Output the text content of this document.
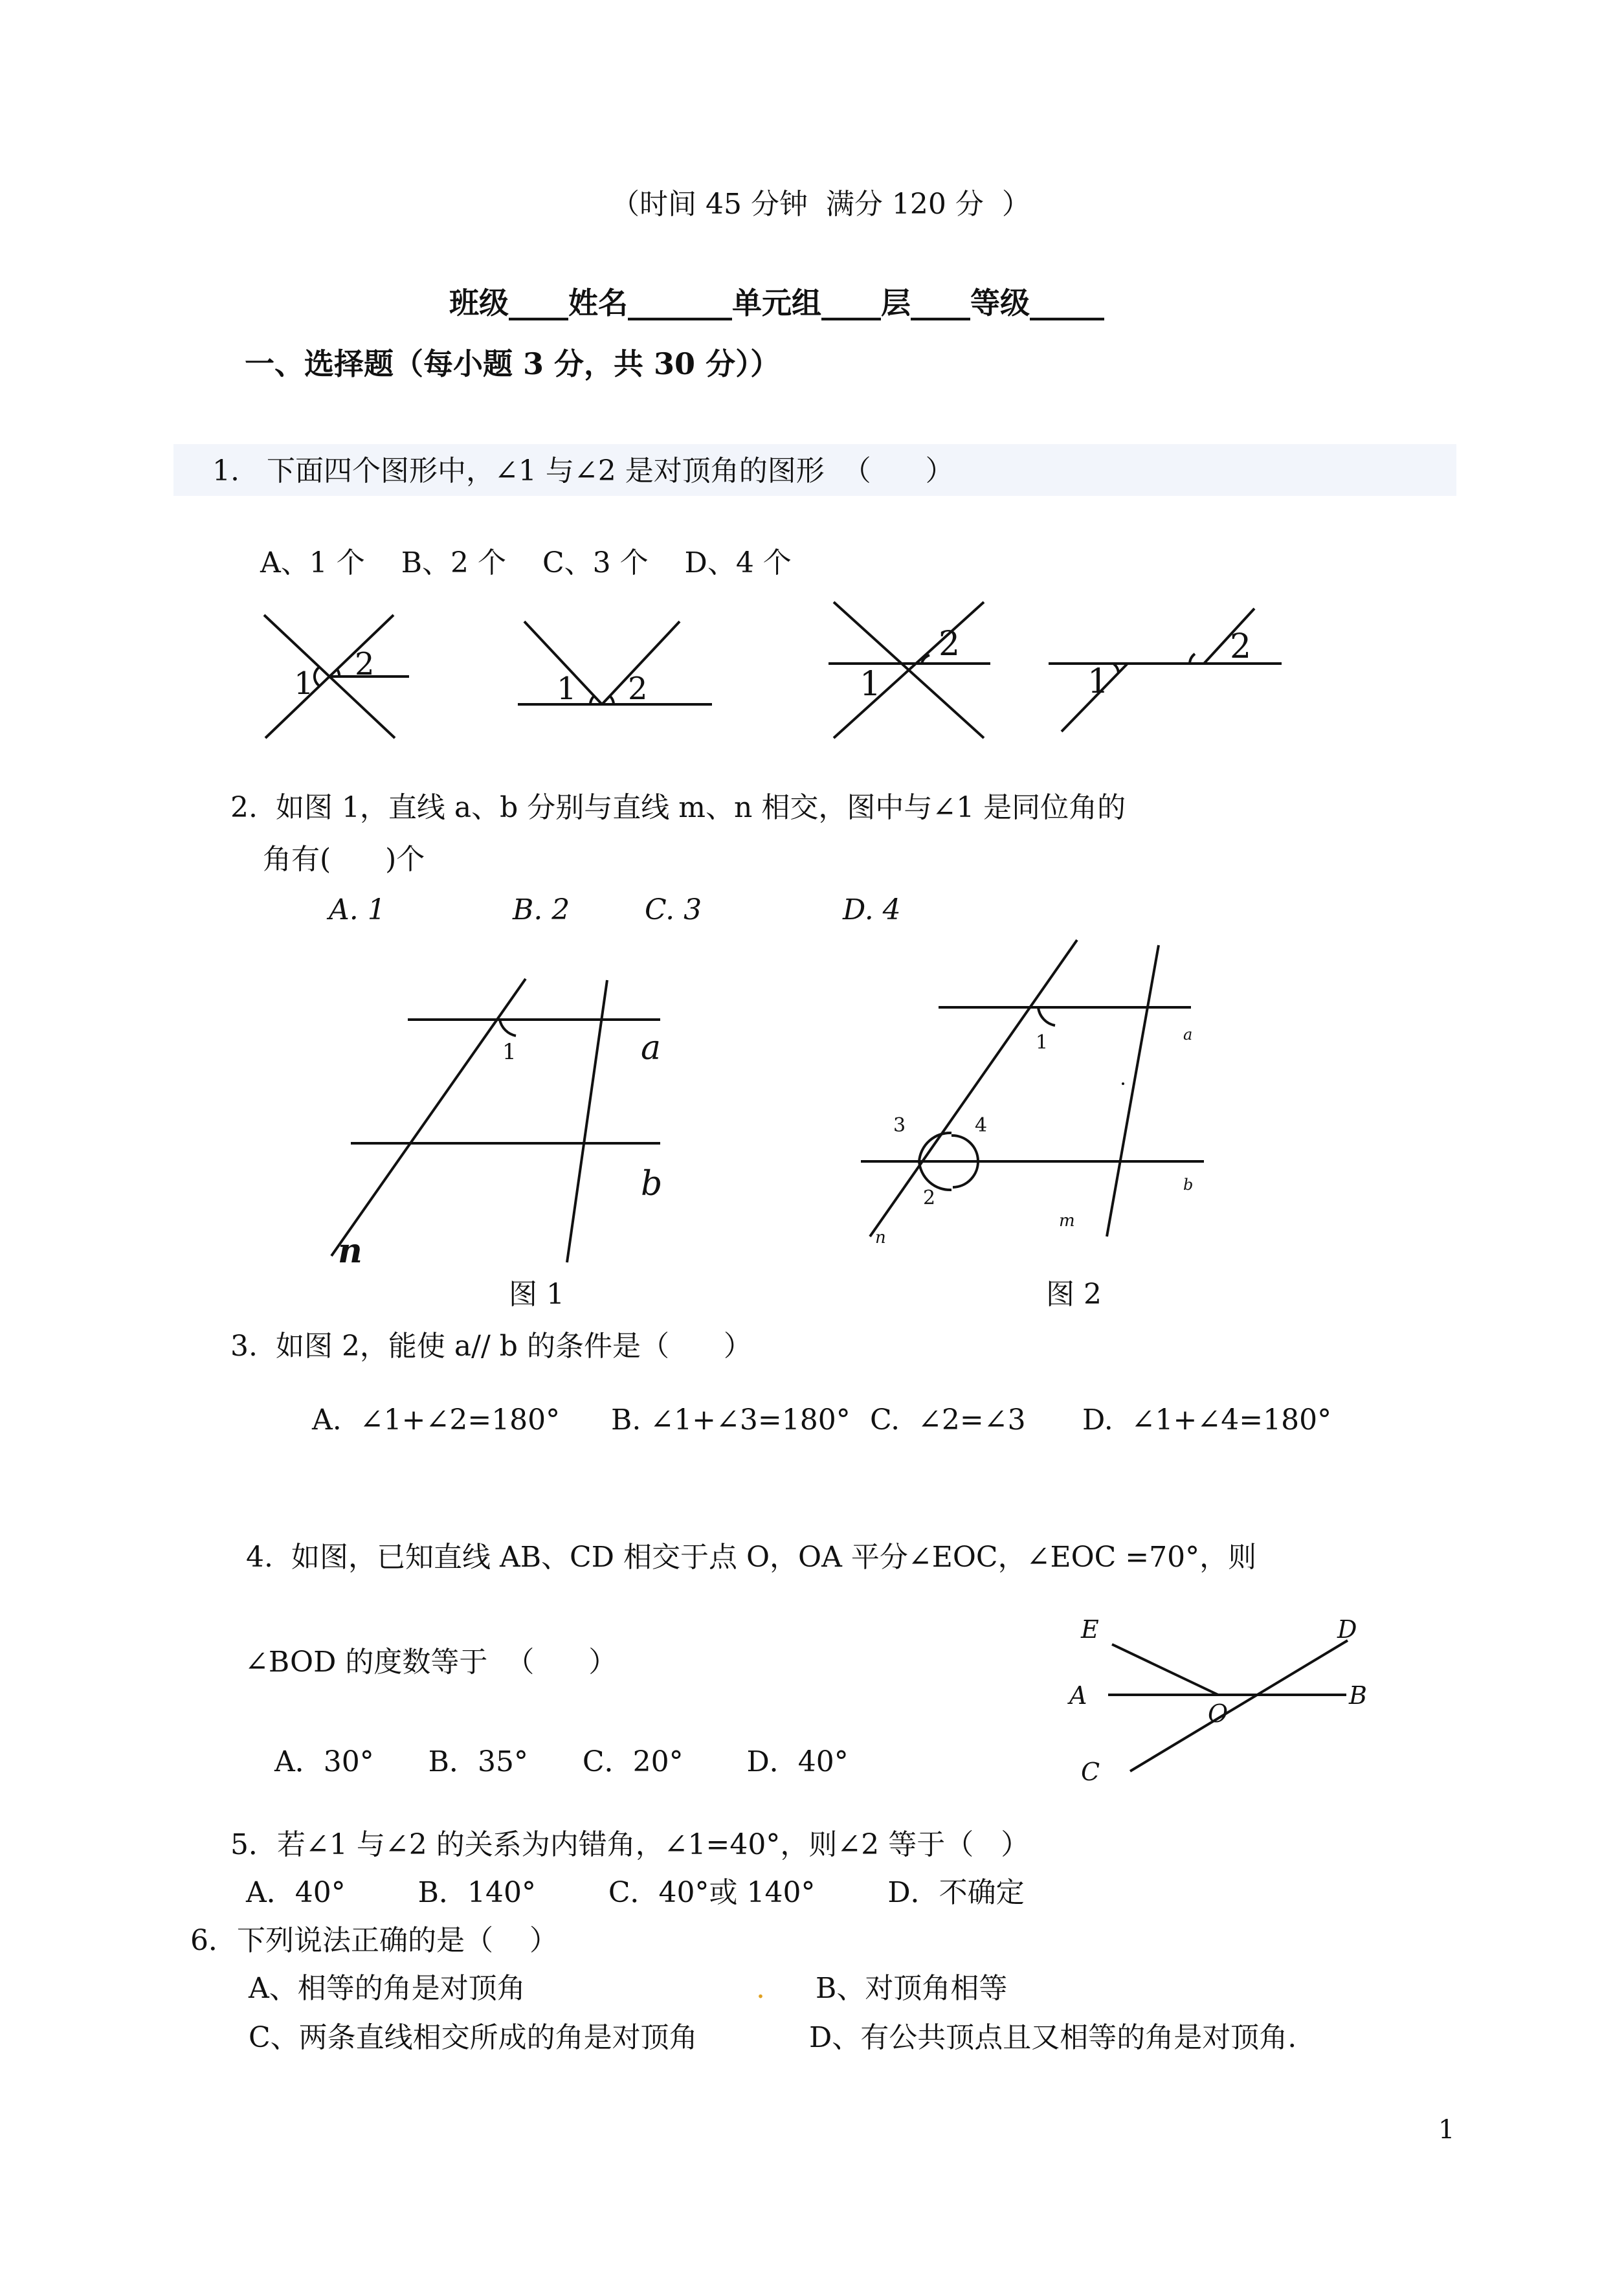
（时间 45 分钟  满分 120 分  ）
班级____姓名_______单元组____层____等级_____
一、选择题（每小题 3 分，共 30 分））
1. 下面四个图形中，∠1 与∠2 是对顶角的图形  （      ）
A、1 个    B、2 个    C、3 个    D、4 个
1
2
1 2
2
1	1
2
2.  如图 1，直线 a、b 分别与直线 m、n 相交，图中与∠1 是同位角的
角有(      )个
A. 1	B. 2	C. 3	D. 4
1	a
b
n
图 1
1
3	4
2
a
b
m
n
图 2
3.  如图 2，能使 a// b 的条件是（      ）
A.  ∠1+∠2=180° B. ∠1+∠3=180° C.  ∠2=∠3 D.  ∠1+∠4=180°
4.  如图，已知直线 AB、CD 相交于点 O，OA 平分∠EOC，∠EOC =70°，则
∠BOD 的度数等于  （      ）
A．30°      B．35°      C．20°       D．40°
E	D
A
O
B
C
5．若∠1 与∠2 的关系为内错角，∠1=40°，则∠2 等于（   ）
A．40°        B．140°        C．40°或 140°        D．不确定
6．下列说法正确的是（    ）
A、相等的角是对顶角	. B、对顶角相等
C、两条直线相交所成的角是对顶角	D、有公共顶点且又相等的角是对顶角.
1
